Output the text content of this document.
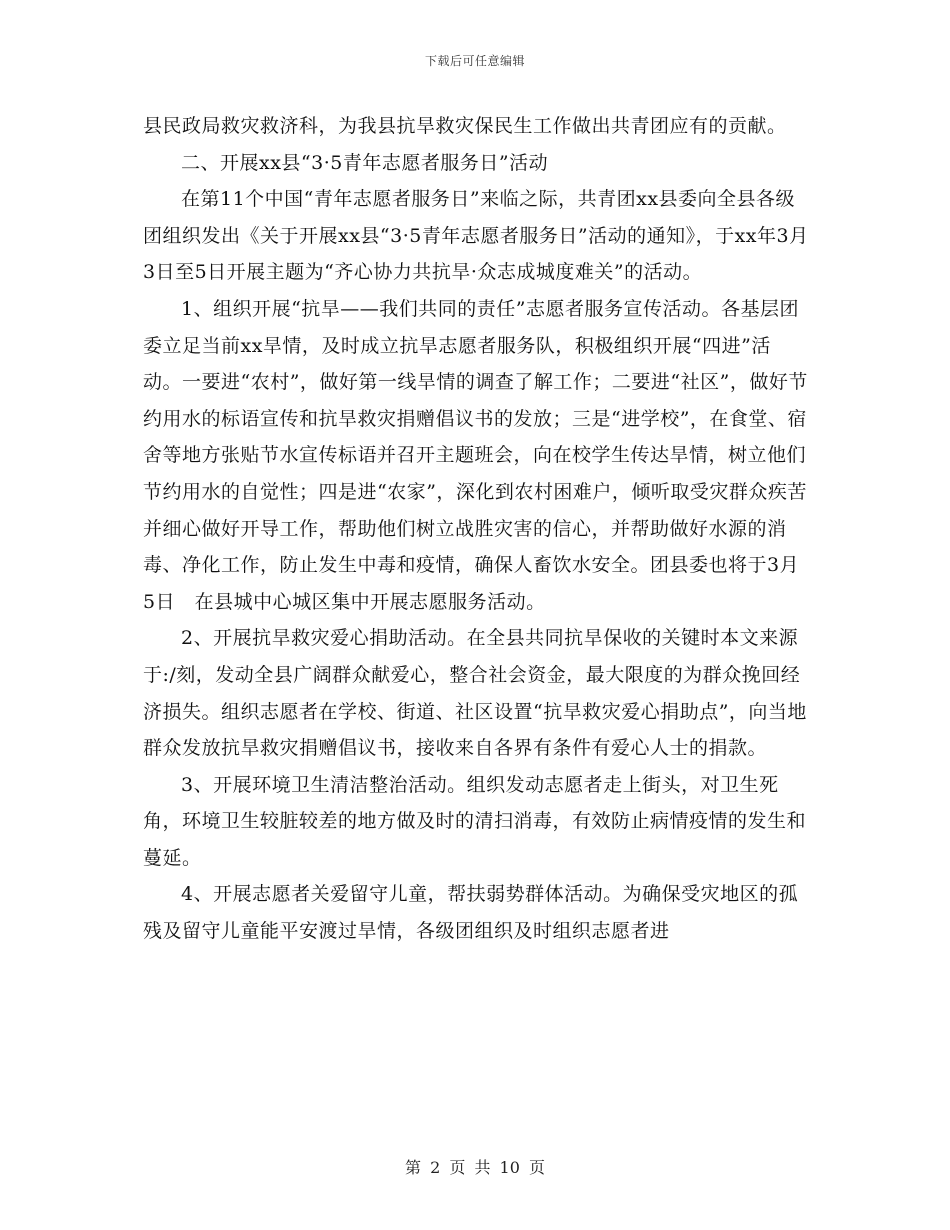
下载后可任意编辑

县民政局救灾救济科，为我县抗旱救灾保民生工作做出共青团应有的贡献。

二、开展xx县“3·5青年志愿者服务日”活动

在第11个中国“青年志愿者服务日”来临之际，共青团xx县委向全县各级团组织发出《关于开展xx县“3·5青年志愿者服务日”活动的通知》，于xx年3月3日至5日开展主题为“齐心协力共抗旱·众志成城度难关”的活动。

1、组织开展“抗旱——我们共同的责任”志愿者服务宣传活动。各基层团委立足当前xx旱情，及时成立抗旱志愿者服务队，积极组织开展“四进”活动。一要进“农村”，做好第一线旱情的调查了解工作；二要进“社区”，做好节约用水的标语宣传和抗旱救灾捐赠倡议书的发放；三是“进学校”，在食堂、宿舍等地方张贴节水宣传标语并召开主题班会，向在校学生传达旱情，树立他们节约用水的自觉性；四是进“农家”，深化到农村困难户，倾听取受灾群众疾苦并细心做好开导工作，帮助他们树立战胜灾害的信心，并帮助做好水源的消毒、净化工作，防止发生中毒和疫情，确保人畜饮水安全。团县委也将于3月5日　在县城中心城区集中开展志愿服务活动。

2、开展抗旱救灾爱心捐助活动。在全县共同抗旱保收的关键时本文来源于:/刻，发动全县广阔群众献爱心，整合社会资金，最大限度的为群众挽回经济损失。组织志愿者在学校、街道、社区设置“抗旱救灾爱心捐助点”，向当地群众发放抗旱救灾捐赠倡议书，接收来自各界有条件有爱心人士的捐款。

3、开展环境卫生清洁整治活动。组织发动志愿者走上街头，对卫生死角，环境卫生较脏较差的地方做及时的清扫消毒，有效防止病情疫情的发生和蔓延。

4、开展志愿者关爱留守儿童，帮扶弱势群体活动。为确保受灾地区的孤残及留守儿童能平安渡过旱情，各级团组织及时组织志愿者进

第 2 页 共 10 页
